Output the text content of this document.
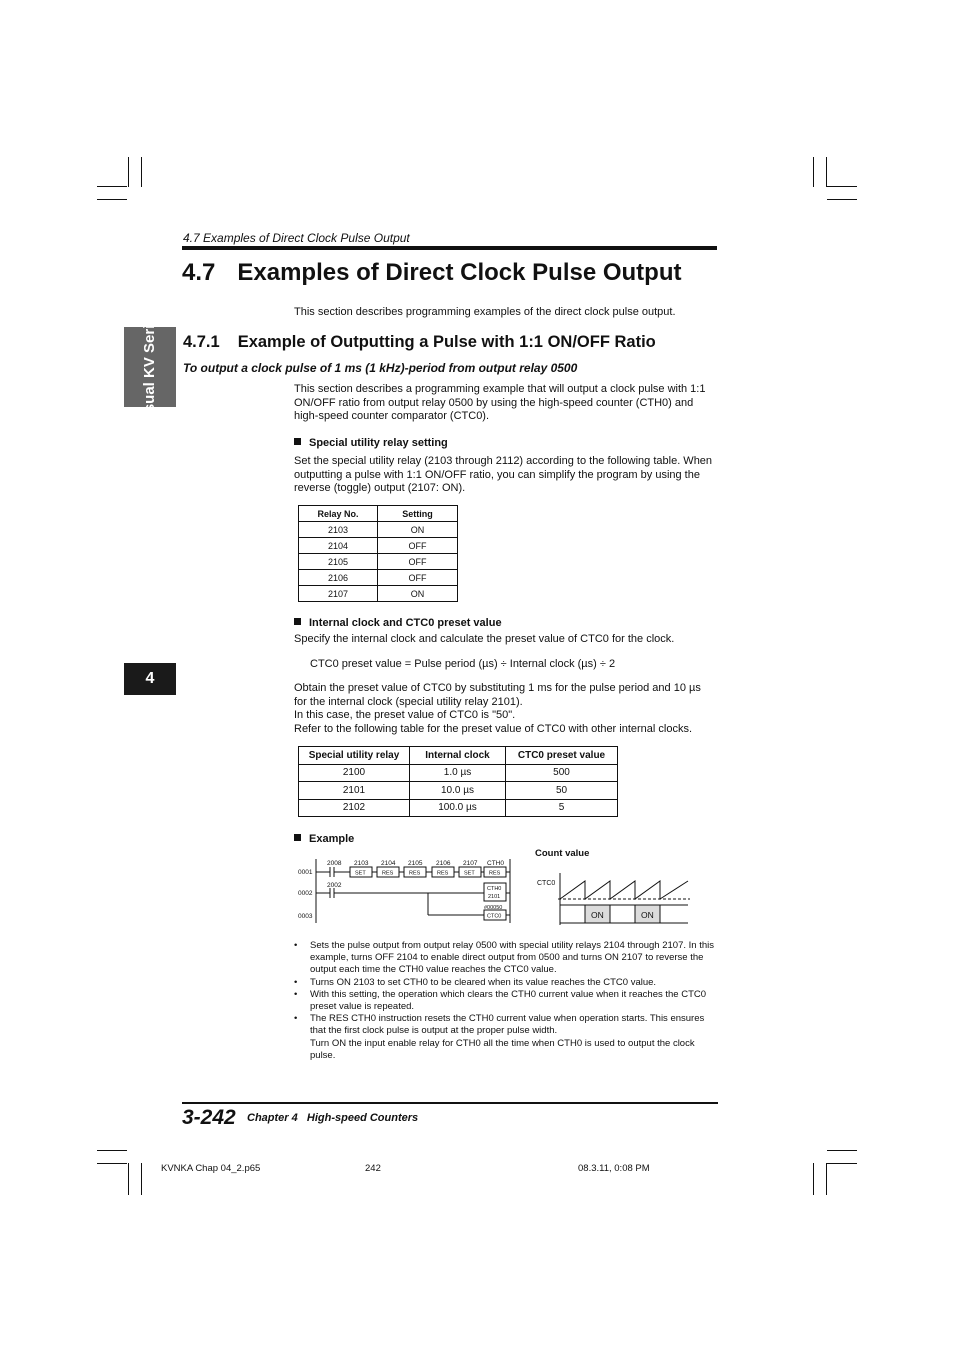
4.7 Examples of Direct Clock Pulse Output
4.7 Examples of Direct Clock Pulse Output
This section describes programming examples of the direct clock pulse output.
Visual KV Series
4
4.7.1 Example of Outputting a Pulse with 1:1 ON/OFF Ratio
To output a clock pulse of 1 ms (1 kHz)-period from output relay 0500
This section describes a programming example that will output a clock pulse with 1:1 ON/OFF ratio from output relay 0500 by using the high-speed counter (CTH0) and high-speed counter comparator (CTC0).
Special utility relay setting
Set the special utility relay (2103 through 2112) according to the following table. When outputting a pulse with 1:1 ON/OFF ratio, you can simplify the program by using the reverse (toggle) output (2107: ON).
Relay No.	Setting
2103	ON
2104	OFF
2105	OFF
2106	OFF
2107	ON
Internal clock and CTC0 preset value
Specify the internal clock and calculate the preset value of CTC0 for the clock.
CTC0 preset value = Pulse period (µs) ÷ Internal clock (µs) ÷ 2
Obtain the preset value of CTC0 by substituting 1 ms for the pulse period and 10 µs
for the internal clock (special utility relay 2101).
In this case, the preset value of CTC0 is "50".
Refer to the following table for the preset value of CTC0 with other internal clocks.
Special utility relay	Internal clock	CTC0 preset value
2100	1.0 µs	500
2101	10.0 µs	50
2102	100.0 µs	5
Example
0001
0002
0003
2008 2103 2104 2105 2106 2107 CTH0
SET	RES	RES	RES	SET	RES
2002	CTH0
2101
#00050
CTC0
Count value
CTC0
ON	ON
• Sets the pulse output from output relay 0500 with special utility relays 2104 through 2107. In this example, turns OFF 2104 to enable direct output from 0500 and turns ON 2107 to reverse the output each time the CTH0 value reaches the CTC0 value.
• Turns ON 2103 to set CTH0 to be cleared when its value reaches the CTC0 value.
• With this setting, the operation which clears the CTH0 current value when it reaches the CTC0 preset value is repeated.
• The RES CTH0 instruction resets the CTH0 current value when operation starts. This ensures that the first clock pulse is output at the proper pulse width.
Turn ON the input enable relay for CTH0 all the time when CTH0 is used to output the clock pulse.
3-242 Chapter 4   High-speed Counters
KVNKA Chap 04_2.p65	242	08.3.11, 0:08 PM
